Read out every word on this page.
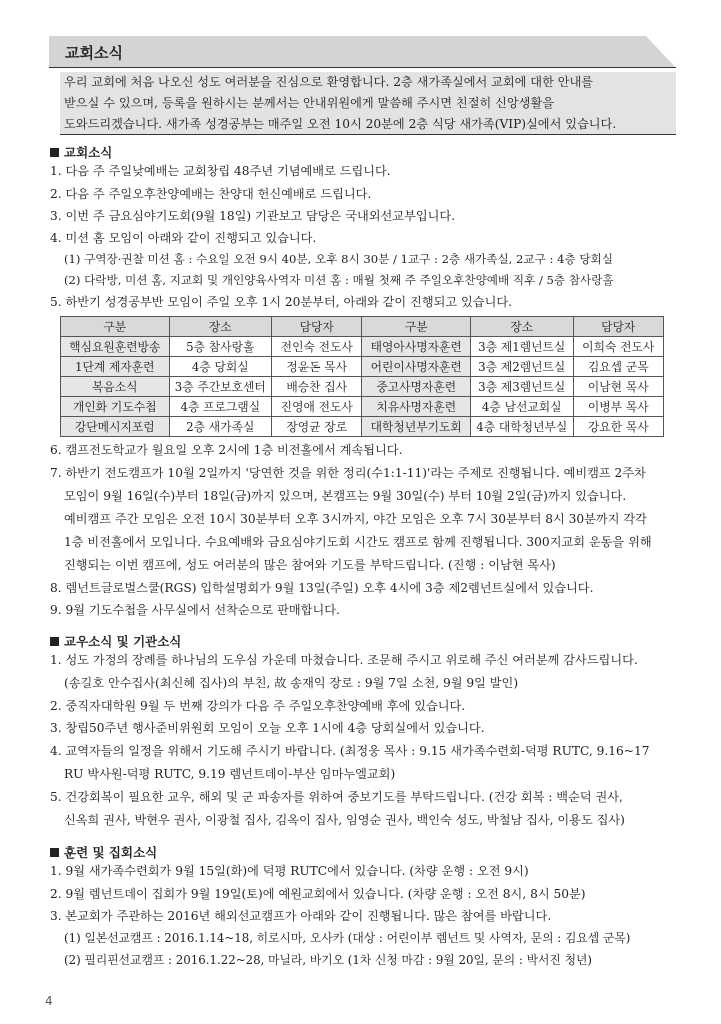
교회소식
우리 교회에 처음 나오신 성도 여러분을 진심으로 환영합니다. 2층 새가족실에서 교회에 대한 안내를
받으실 수 있으며, 등록을 원하시는 분께서는 안내위원에게 말씀해 주시면 친절히 신앙생활을
도와드리겠습니다. 새가족 성경공부는 매주일 오전 10시 20분에 2층 식당 새가족(VIP)실에서 있습니다.
교회소식
1. 다음 주 주일낮예배는 교회창립 48주년 기념예배로 드립니다.
2. 다음 주 주일오후찬양예배는 찬양대 헌신예배로 드립니다.
3. 이번 주 금요심야기도회(9월 18일) 기관보고 담당은 국내외선교부입니다.
4. 미션 홈 모임이 아래와 같이 진행되고 있습니다.
(1) 구역장·권찰 미션 홈 : 수요일 오전 9시 40분, 오후 8시 30분 / 1교구 : 2층 새가족실, 2교구 : 4층 당회실
(2) 다락방, 미션 홈, 지교회 및 개인양육사역자 미션 홈 : 매월 첫째 주 주일오후찬양예배 직후 / 5층 참사랑홀
5. 하반기 성경공부반 모임이 주일 오후 1시 20분부터, 아래와 같이 진행되고 있습니다.
구분	장소	담당자	구분	장소	담당자
핵심요원훈련방송	5층 참사랑홀	전인숙 전도사	태영아사명자훈련	3층 제1렘넌트실	이희숙 전도사
1단계 제자훈련	4층 당회실	정윤돈 목사	어린이사명자훈련	3층 제2렘넌트실	김요셉 군목
복음소식	3층 주간보호센터	배승찬 집사	중고사명자훈련	3층 제3렘넌트실	이남현 목사
개인화 기도수첩	4층 프로그램실	진영애 전도사	치유사명자훈련	4층 남선교회실	이병부 목사
강단메시지포럼	2층 새가족실	장영균 장로	대학청년부기도회	4층 대학청년부실	강요한 목사
6. 캠프전도학교가 월요일 오후 2시에 1층 비전홀에서 계속됩니다.
7. 하반기 전도캠프가 10월 2일까지 '당연한 것을 위한 정리(수1:1-11)'라는 주제로 진행됩니다. 예비캠프 2주차
모임이 9월 16일(수)부터 18일(금)까지 있으며, 본캠프는 9월 30일(수) 부터 10월 2일(금)까지 있습니다.
예비캠프 주간 모임은 오전 10시 30분부터 오후 3시까지, 야간 모임은 오후 7시 30분부터 8시 30분까지 각각
1층 비전홀에서 모입니다. 수요예배와 금요심야기도회 시간도 캠프로 함께 진행됩니다. 300지교회 운동을 위해
진행되는 이번 캠프에, 성도 여러분의 많은 참여와 기도를 부탁드립니다. (진행 : 이남현 목사)
8. 렘넌트글로벌스쿨(RGS) 입학설명회가 9월 13일(주일) 오후 4시에 3층 제2렘넌트실에서 있습니다.
9. 9월 기도수첩을 사무실에서 선착순으로 판매합니다.
교우소식 및 기관소식
1. 성도 가정의 장례를 하나님의 도우심 가운데 마쳤습니다. 조문해 주시고 위로해 주신 여러분께 감사드립니다.
(송길호 안수집사(최신혜 집사)의 부친, 故 송재익 장로 : 9월 7일 소천, 9월 9일 발인)
2. 중직자대학원 9월 두 번째 강의가 다음 주 주일오후찬양예배 후에 있습니다.
3. 창립50주년 행사준비위원회 모임이 오늘 오후 1시에 4층 당회실에서 있습니다.
4. 교역자들의 일정을 위해서 기도해 주시기 바랍니다. (최정웅 목사 : 9.15 새가족수련회-덕평 RUTC, 9.16~17
RU 박사원-덕평 RUTC, 9.19 렘넌트데이-부산 임마누엘교회)
5. 건강회복이 필요한 교우, 해외 및 군 파송자를 위하여 중보기도를 부탁드립니다. (건강 회복 : 백순덕 권사,
신옥희 권사, 박현우 권사, 이광철 집사, 김옥이 집사, 임영순 권사, 백인숙 성도, 박철남 집사, 이용도 집사)
훈련 및 집회소식
1. 9월 새가족수련회가 9월 15일(화)에 덕평 RUTC에서 있습니다. (차량 운행 : 오전 9시)
2. 9월 렘넌트데이 집회가 9월 19일(토)에 예원교회에서 있습니다. (차량 운행 : 오전 8시, 8시 50분)
3. 본교회가 주관하는 2016년 해외선교캠프가 아래와 같이 진행됩니다. 많은 참여를 바랍니다.
(1) 일본선교캠프 : 2016.1.14~18, 히로시마, 오사카 (대상 : 어린이부 렘넌트 및 사역자, 문의 : 김요셉 군목)
(2) 필리핀선교캠프 : 2016.1.22~28, 마닐라, 바기오 (1차 신청 마감 : 9월 20일, 문의 : 박서진 청년)
4
